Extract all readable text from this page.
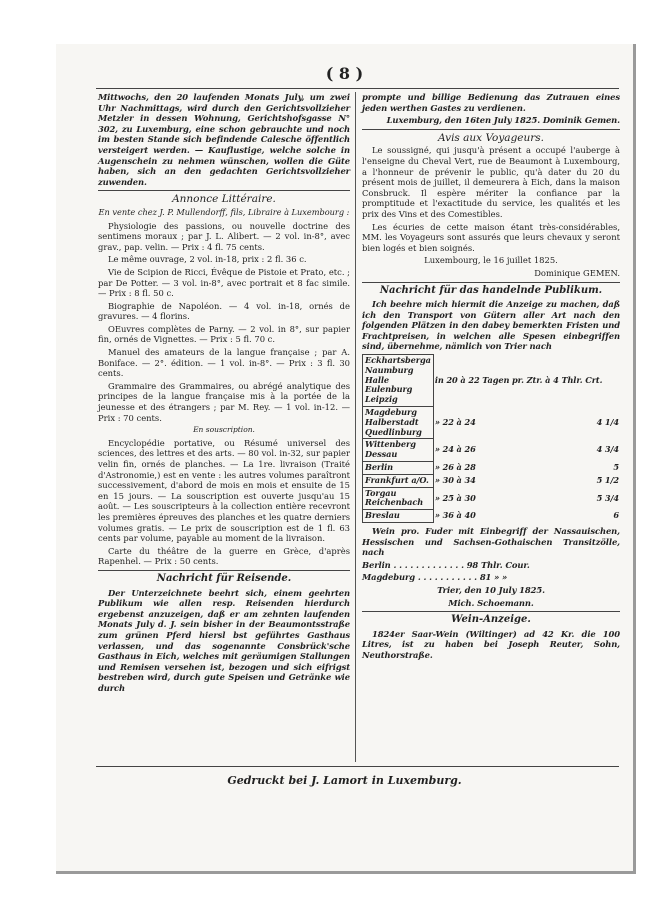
( 8 )

Mittwochs, den 20 laufenden Monats July, um zwei Uhr Nachmittags, wird durch den Gerichtsvollzieher Metzler in dessen Wohnung, Gerichtshofsgasse N° 302, zu Luxemburg, eine schon gebrauchte und noch im besten Stande sich befindende Calesche öffentlich versteigert werden. — Kauflustige, welche solche in Augenschein zu nehmen wünschen, wollen die Güte haben, sich an den gedachten Gerichtsvollzieher zuwenden.

Annonce Littéraire.
En vente chez J. P. Mullendorff, fils, Libraire à Luxembourg :

Physiologie des passions, ou nouvelle doctrine des sentimens moraux ; par J. L. Alibert. — 2 vol. in-8°, avec grav., pap. velin. — Prix : 4 fl. 75 cents.

Le même ouvrage, 2 vol. in-18, prix : 2 fl. 36 c.

Vie de Scipion de Ricci, Évêque de Pistoie et Prato, etc. ; par De Potter. — 3 vol. in-8°, avec portrait et 8 fac simile. — Prix : 8 fl. 50 c.

Biographie de Napoléon. — 4 vol. in-18, ornés de gravures. — 4 florins.

OEuvres complètes de Parny. — 2 vol. in 8°, sur papier fin, ornés de Vignettes. — Prix : 5 fl. 70 c.

Manuel des amateurs de la langue française ; par A. Boniface. — 2°. édition. — 1 vol. in-8°. — Prix : 3 fl. 30 cents.

Grammaire des Grammaires, ou abrégé analytique des principes de la langue française mis à la portée de la jeunesse et des étrangers ; par M. Rey. — 1 vol. in-12. — Prix : 70 cents.

En souscription.

Encyclopédie portative, ou Résumé universel des sciences, des lettres et des arts. — 80 vol. in-32, sur papier velin fin, ornés de planches. — La 1re. livraison (Traité d'Astronomie,) est en vente : les autres volumes paraîtront successivement, d'abord de mois en mois et ensuite de 15 en 15 jours. — La souscription est ouverte jusqu'au 15 août. — Les souscripteurs à la collection entière recevront les premières épreuves des planches et les quatre derniers volumes gratis. — Le prix de souscription est de 1 fl. 63 cents par volume, payable au moment de la livraison.

Carte du théâtre de la guerre en Grèce, d'après Rapenhel. — Prix : 50 cents.

Nachricht für Reisende.

Der Unterzeichnete beehrt sich, einem geehrten Publikum wie allen resp. Reisenden hierdurch ergebenst anzuzeigen, daß er am zehnten laufenden Monats July d. J. sein bisher in der Beaumontsstraße zum grünen Pferd hiersl bst geführtes Gasthaus verlassen, und das sogenannte Consbrück'sche Gasthaus in Eich, welches mit geräumigen Stallungen und Remisen versehen ist, bezogen und sich eifrigst bestreben wird, durch gute Speisen und Getränke wie durch

prompte und billige Bedienung das Zutrauen eines jeden werthen Gastes zu verdienen.

Luxemburg, den 16ten July 1825. Dominik Gemen.

Avis aux Voyageurs.

Le soussigné, qui jusqu'à présent a occupé l'auberge à l'enseigne du Cheval Vert, rue de Beaumont à Luxembourg, a l'honneur de prévenir le public, qu'à dater du 20 du présent mois de juillet, il demeurera à Eich, dans la maison Consbruck. Il espère mériter la confiance par la promptitude et l'exactitude du service, les qualités et les prix des Vins et des Comestibles.

Les écuries de cette maison étant très-considérables, MM. les Voyageurs sont assurés que leurs chevaux y seront bien logés et bien soignés.

Luxembourg, le 16 juillet 1825.

Dominique GEMEN.

Nachricht für das handelnde Publikum.

Ich beehre mich hiermit die Anzeige zu machen, daß ich den Transport von Gütern aller Art nach den folgenden Plätzen in den dabey bemerkten Fristen und Frachtpreisen, in welchen alle Spesen einbegriffen sind, übernehme, nämlich von Trier nach

Eckhartsberga
Naumburg
Halle
Eulenburg
Leipzig	in 20 à 22 Tagen pr. Ztr. à 4 Thlr. Crt.	

Magdeburg
Halberstadt
Quedlinburg	» 22 à 24	4 1/4

Wittenberg
Dessau	» 24 à 26	4 3/4

Berlin	» 26 à 28	5

Frankfurt a/O.	» 30 à 34	5 1/2

Torgau
Reichenbach	» 25 à 30	5 3/4

Breslau	» 36 à 40	6

Wein pro. Fuder mit Einbegriff der Nassauischen, Hessischen und Sachsen-Gothaischen Transitzölle, nach

Berlin . . . . . . . . . . . . . 98 Thlr. Cour.

Magdeburg . . . . . . . . . . . 81 » »

Trier, den 10 July 1825.

Mich. Schoemann.

Wein-Anzeige.

1824er Saar-Wein (Wiltinger) ad 42 Kr. die 100 Litres, ist zu haben bei Joseph Reuter, Sohn, Neuthorstraße.

Gedruckt bei J. Lamort in Luxemburg.
